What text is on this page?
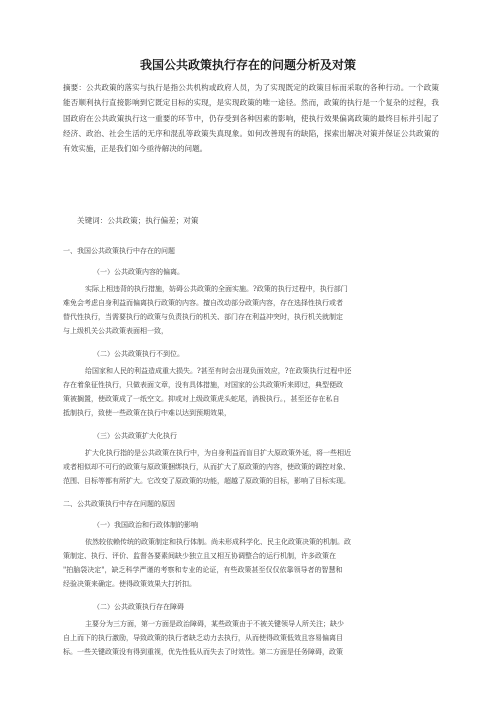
我国公共政策执行存在的问题分析及对策
摘要：公共政策的落实与执行是指公共机构或政府人员，为了实现既定的政策目标而采取的各种行动。一个政策能否顺利执行直接影响到它既定目标的实现，是实现政策的唯一途径。然而，政策的执行是一个复杂的过程，我国政府在公共政策执行这一重要的环节中，仍存受到各种因素的影响，使执行效果偏离政策的最终目标并引起了经济、政治、社会生活的无序和混乱等政策失真现象。如何改善现有的缺陷，探索出解决对策并保证公共政策的有效实施，正是我们如今亟待解决的问题。
关键词：公共政策；执行偏差；对策
一、我国公共政策执行中存在的问题
（一）公共政策内容的偏离。
实际上相违背的执行措施，妨碍公共政策的全面实施。?政策的执行过程中，执行部门
难免会考虑自身利益而偏离执行政策的内容。擅自改动部分政策内容，存在选择性执行或者
替代性执行，当需要执行的政策与负责执行的机关、部门存在利益冲突时，执行机关就制定
与上级机关公共政策表面相一致，
（二）公共政策执行不到位。
给国家和人民的利益造成重大损失。?甚至有时会出现负面效应，?在政策执行过程中还
存在着象征性执行，只做表面文章，没有具体措施，对国家的公共政策听来即过，典型便政
策被搁置，使政策成了一纸空文。抑或对上级政策虎头蛇尾，消极执行。，甚至还存在私自
抵制执行，致使一些政策在执行中难以达到预期效果，
（三）公共政策扩大化执行
扩大化执行指的是公共政策在执行中，为自身利益而盲目扩大原政策外延，将一些相近
或者相似却不可行的政策与原政策捆绑执行，从而扩大了原政策的内容，使政策的调控对象、
范围、目标等都有所扩大。它改变了原政策的功能，超越了原政策的目标，影响了目标实现。
二、公共政策执行中存在问题的原因
（一）我国政治和行政体制的影响
依然较依赖传统的政策制定和执行体制。尚未形成科学化、民主化政策决策的机制。政
策制定、执行、评价、监督各要素间缺少独立且又相互协调整合的运行机制，许多政策在
"拍脑袋决定"，缺乏科学严谨的考察和专业的论证，有些政策甚至仅仅依靠领导者的智慧和
经验决策来确定。使得政策效果大打折扣。
（二）公共政策执行存在障碍
主要分为三方面，第一方面是政治障碍，某些政策由于不被关键领导人所关注；缺少
自上而下的执行激励，导致政策的执行者缺乏动力去执行，从而使得政策低效且容易偏离目
标。一些关键政策没有得到重视，优先性低从而失去了时效性。第二方面是任务障碍，政策
